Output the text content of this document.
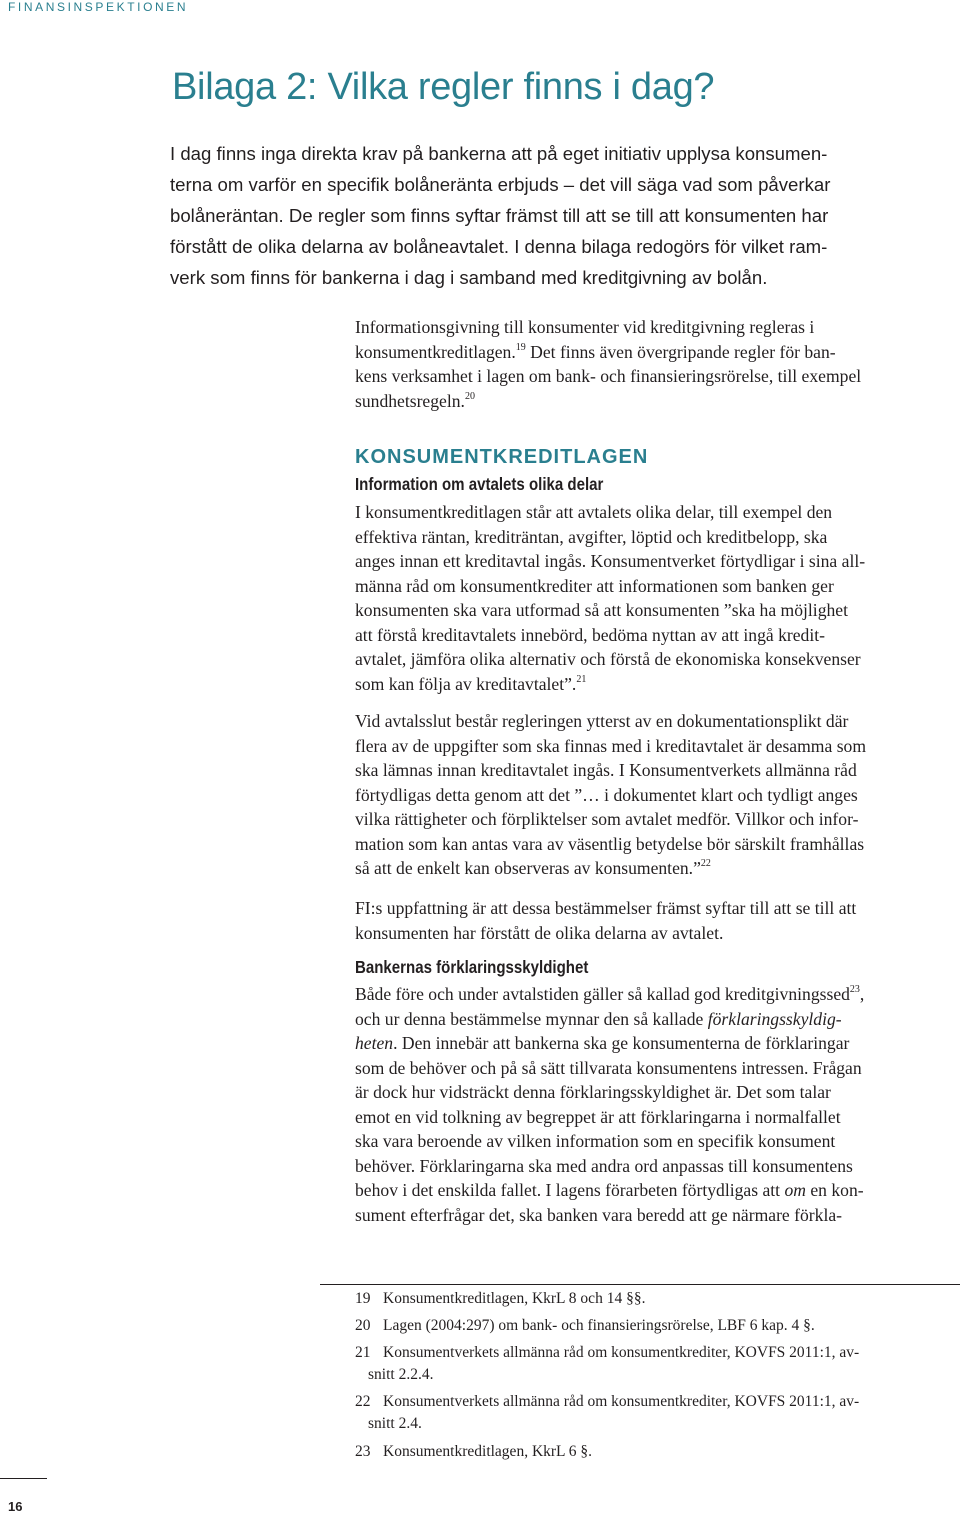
FINANSINSPEKTIONEN
Bilaga 2: Vilka regler finns i dag?
I dag finns inga direkta krav på bankerna att på eget initiativ upplysa konsumen-
terna om varför en specifik bolåneränta erbjuds – det vill säga vad som påverkar
bolåneräntan. De regler som finns syftar främst till att se till att konsumenten har
förstått de olika delarna av bolåneavtalet. I denna bilaga redogörs för vilket ram-
verk som finns för bankerna i dag i samband med kreditgivning av bolån.
Informationsgivning till konsumenter vid kreditgivning regleras i
konsumentkreditlagen.$^{19}$ Det finns även övergripande regler för ban-
kens verksamhet i lagen om bank- och finansieringsrörelse, till exempel
sundhetsregeln.$^{20}$
KONSUMENTKREDITLAGEN
Information om avtalets olika delar
I konsumentkreditlagen står att avtalets olika delar, till exempel den
effektiva räntan, krediträntan, avgifter, löptid och kreditbelopp, ska
anges innan ett kreditavtal ingås. Konsumentverket förtydligar i sina all-
männa råd om konsumentkrediter att informationen som banken ger
konsumenten ska vara utformad så att konsumenten ”ska ha möjlighet
att förstå kreditavtalets innebörd, bedöma nyttan av att ingå kredit-
avtalet, jämföra olika alternativ och förstå de ekonomiska konsekvenser
som kan följa av kreditavtalet”.$^{21}$
Vid avtalsslut består regleringen ytterst av en dokumentationsplikt där
flera av de uppgifter som ska finnas med i kreditavtalet är desamma som
ska lämnas innan kreditavtalet ingås. I Konsumentverkets allmänna råd
förtydligas detta genom att det ”… i dokumentet klart och tydligt anges
vilka rättigheter och förpliktelser som avtalet medför. Villkor och infor-
mation som kan antas vara av väsentlig betydelse bör särskilt framhållas
så att de enkelt kan observeras av konsumenten.”$^{22}$
FI:s uppfattning är att dessa bestämmelser främst syftar till att se till att
konsumenten har förstått de olika delarna av avtalet.
Bankernas förklaringsskyldighet
Både före och under avtalstiden gäller så kallad god kreditgivningssed$^{23}$,
och ur denna bestämmelse mynnar den så kallade förklaringsskyldig-
heten. Den innebär att bankerna ska ge konsumenterna de förklaringar
som de behöver och på så sätt tillvarata konsumentens intressen. Frågan
är dock hur vidsträckt denna förklaringsskyldighet är. Det som talar
emot en vid tolkning av begreppet är att förklaringarna i normalfallet
ska vara beroende av vilken information som en specifik konsument
behöver. Förklaringarna ska med andra ord anpassas till konsumentens
behov i det enskilda fallet. I lagens förarbeten förtydligas att om en kon-
sument efterfrågar det, ska banken vara beredd att ge närmare förkla-
19 Konsumentkreditlagen, KkrL 8 och 14 §§.
20 Lagen (2004:297) om bank- och finansieringsrörelse, LBF 6 kap. 4 §.
21 Konsumentverkets allmänna råd om konsumentkrediter, KOVFS 2011:1, av-
snitt 2.2.4.
22 Konsumentverkets allmänna råd om konsumentkrediter, KOVFS 2011:1, av-
snitt 2.4.
23 Konsumentkreditlagen, KkrL 6 §.
16
